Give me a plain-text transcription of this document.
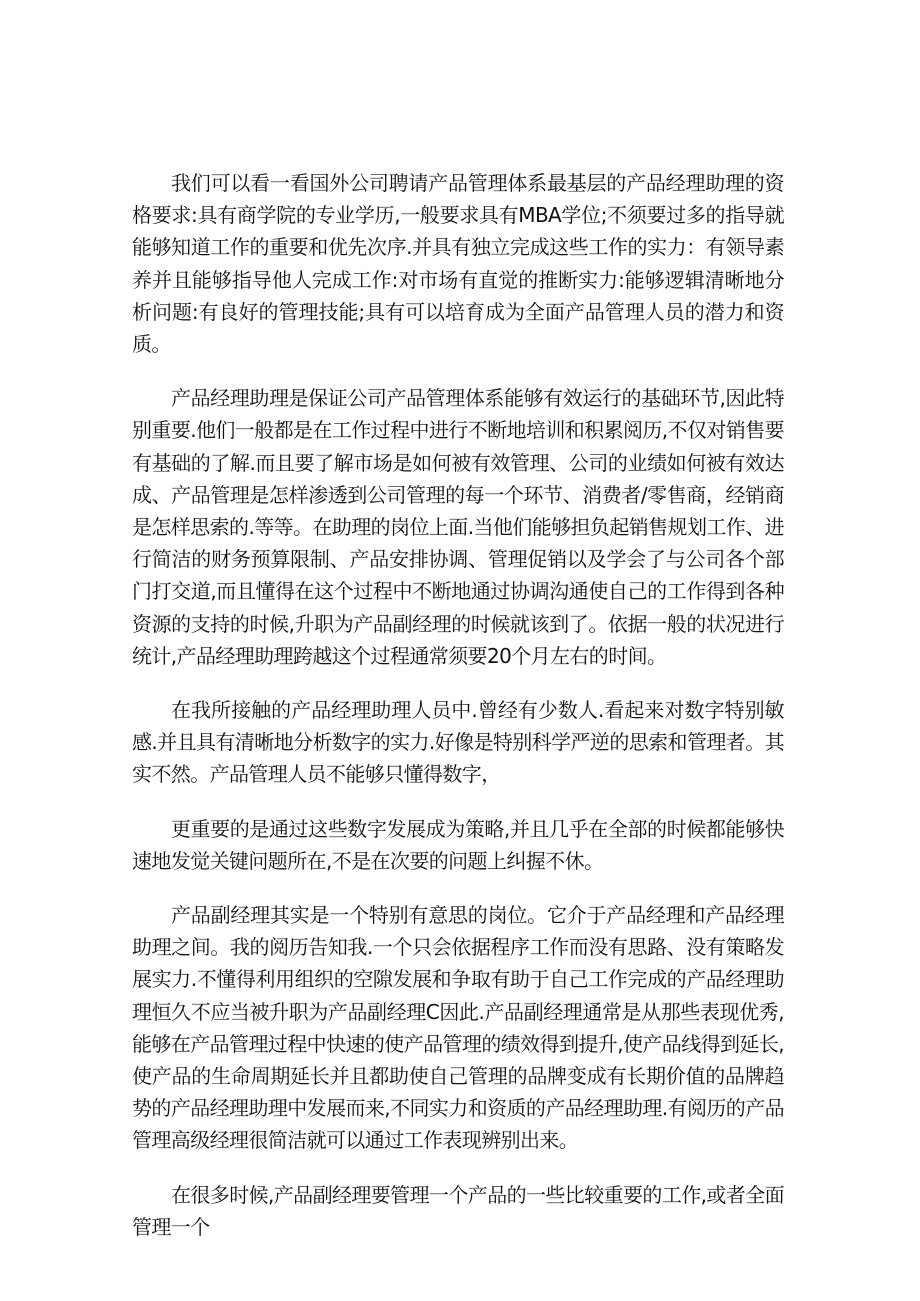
我们可以看一看国外公司聘请产品管理体系最基层的产品经理助理的资格要求:具有商学院的专业学历,一般要求具有MBA学位;不须要过多的指导就能够知道工作的重要和优先次序.并具有独立完成这些工作的实力：有领导素养并且能够指导他人完成工作:对市场有直觉的推断实力:能够逻辑清晰地分析问题:有良好的管理技能;具有可以培育成为全面产品管理人员的潜力和资质。

产品经理助理是保证公司产品管理体系能够有效运行的基础环节,因此特别重要.他们一般都是在工作过程中进行不断地培训和积累阅历,不仅对销售要有基础的了解.而且要了解市场是如何被有效管理、公司的业绩如何被有效达成、产品管理是怎样渗透到公司管理的每一个环节、消费者/零售商，经销商是怎样思索的.等等。在助理的岗位上面.当他们能够担负起销售规划工作、进行简洁的财务预算限制、产品安排协调、管理促销以及学会了与公司各个部门打交道,而且懂得在这个过程中不断地通过协调沟通使自己的工作得到各种资源的支持的时候,升职为产品副经理的时候就该到了。依据一般的状况进行统计,产品经理助理跨越这个过程通常须要20个月左右的时间。

在我所接触的产品经理助理人员中.曾经有少数人.看起来对数字特别敏感.并且具有清晰地分析数字的实力.好像是特别科学严逆的思索和管理者。其实不然。产品管理人员不能够只懂得数字，

更重要的是通过这些数字发展成为策略,并且几乎在全部的时候都能够快速地发觉关键问题所在,不是在次要的问题上纠握不休。

产品副经理其实是一个特别有意思的岗位。它介于产品经理和产品经理助理之间。我的阅历告知我.一个只会依据程序工作而没有思路、没有策略发展实力.不懂得利用组织的空隙发展和争取有助于自己工作完成的产品经理助理恒久不应当被升职为产品副经理C因此.产品副经理通常是从那些表现优秀,能够在产品管理过程中快速的使产品管理的绩效得到提升,使产品线得到延长,使产品的生命周期延长并且都助使自己管理的品牌变成有长期价值的品牌趋势的产品经理助理中发展而来,不同实力和资质的产品经理助理.有阅历的产品管理高级经理很简洁就可以通过工作表现辨别出来。

在很多时候,产品副经理要管理一个产品的一些比较重要的工作,或者全面管理一个
